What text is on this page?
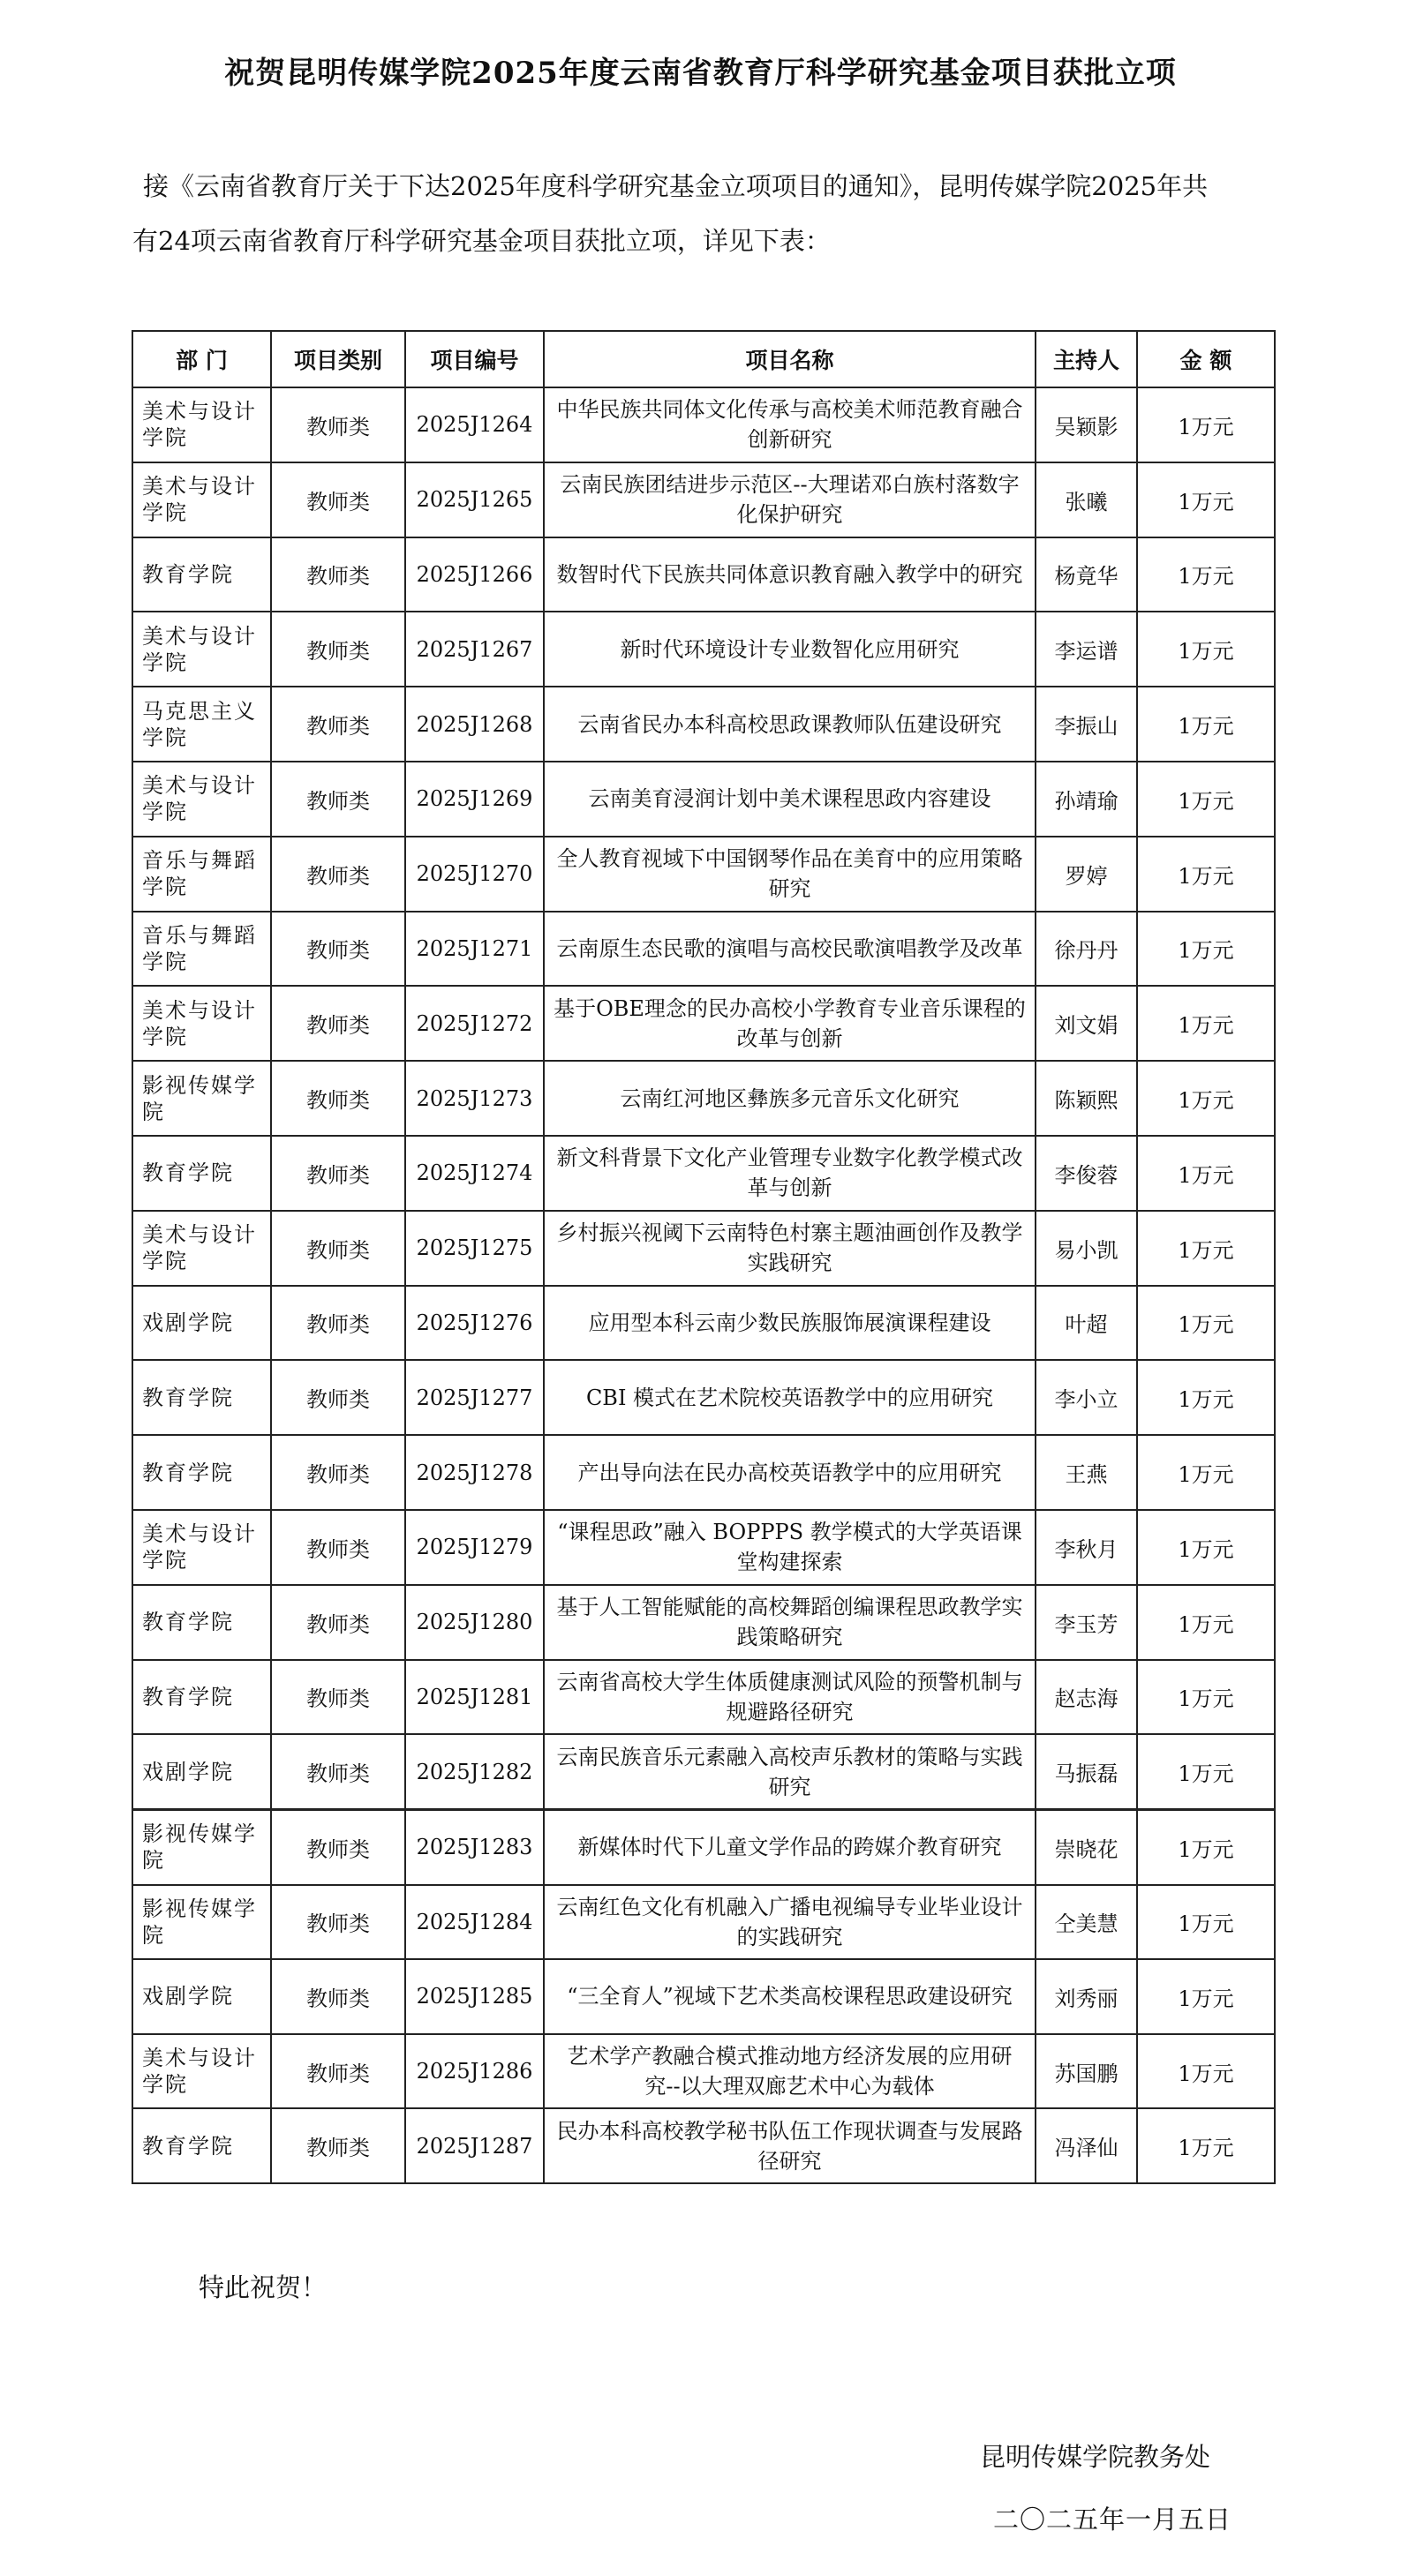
祝贺昆明传媒学院2025年度云南省教育厅科学研究基金项目获批立项
接《云南省教育厅关于下达2025年度科学研究基金立项项目的通知》，昆明传媒学院2025年共
有24项云南省教育厅科学研究基金项目获批立项，详见下表：
部 门	项目类别	项目编号	项目名称	主持人	金 额
美术与设计学院	教师类	2025J1264	中华民族共同体文化传承与高校美术师范教育融合创新研究	吴颖影	1万元
美术与设计学院	教师类	2025J1265	云南民族团结进步示范区--大理诺邓白族村落数字化保护研究	张曦	1万元
教育学院	教师类	2025J1266	数智时代下民族共同体意识教育融入教学中的研究	杨竟华	1万元
美术与设计学院	教师类	2025J1267	新时代环境设计专业数智化应用研究	李运谱	1万元
马克思主义学院	教师类	2025J1268	云南省民办本科高校思政课教师队伍建设研究	李振山	1万元
美术与设计学院	教师类	2025J1269	云南美育浸润计划中美术课程思政内容建设	孙靖瑜	1万元
音乐与舞蹈学院	教师类	2025J1270	全人教育视域下中国钢琴作品在美育中的应用策略研究	罗婷	1万元
音乐与舞蹈学院	教师类	2025J1271	云南原生态民歌的演唱与高校民歌演唱教学及改革	徐丹丹	1万元
美术与设计学院	教师类	2025J1272	基于OBE理念的民办高校小学教育专业音乐课程的改革与创新	刘文娟	1万元
影视传媒学院	教师类	2025J1273	云南红河地区彝族多元音乐文化研究	陈颖熙	1万元
教育学院	教师类	2025J1274	新文科背景下文化产业管理专业数字化教学模式改革与创新	李俊蓉	1万元
美术与设计学院	教师类	2025J1275	乡村振兴视阈下云南特色村寨主题油画创作及教学实践研究	易小凯	1万元
戏剧学院	教师类	2025J1276	应用型本科云南少数民族服饰展演课程建设	叶超	1万元
教育学院	教师类	2025J1277	CBI 模式在艺术院校英语教学中的应用研究	李小立	1万元
教育学院	教师类	2025J1278	产出导向法在民办高校英语教学中的应用研究	王燕	1万元
美术与设计学院	教师类	2025J1279	“课程思政”融入 BOPPPS 教学模式的大学英语课堂构建探索	李秋月	1万元
教育学院	教师类	2025J1280	基于人工智能赋能的高校舞蹈创编课程思政教学实践策略研究	李玉芳	1万元
教育学院	教师类	2025J1281	云南省高校大学生体质健康测试风险的预警机制与规避路径研究	赵志海	1万元
戏剧学院	教师类	2025J1282	云南民族音乐元素融入高校声乐教材的策略与实践研究	马振磊	1万元
影视传媒学院	教师类	2025J1283	新媒体时代下儿童文学作品的跨媒介教育研究	崇晓花	1万元
影视传媒学院	教师类	2025J1284	云南红色文化有机融入广播电视编导专业毕业设计的实践研究	仝美慧	1万元
戏剧学院	教师类	2025J1285	“三全育人”视域下艺术类高校课程思政建设研究	刘秀丽	1万元
美术与设计学院	教师类	2025J1286	艺术学产教融合模式推动地方经济发展的应用研究--以大理双廊艺术中心为载体	苏国鹏	1万元
教育学院	教师类	2025J1287	民办本科高校教学秘书队伍工作现状调查与发展路径研究	冯泽仙	1万元
特此祝贺！
昆明传媒学院教务处
二〇二五年一月五日
